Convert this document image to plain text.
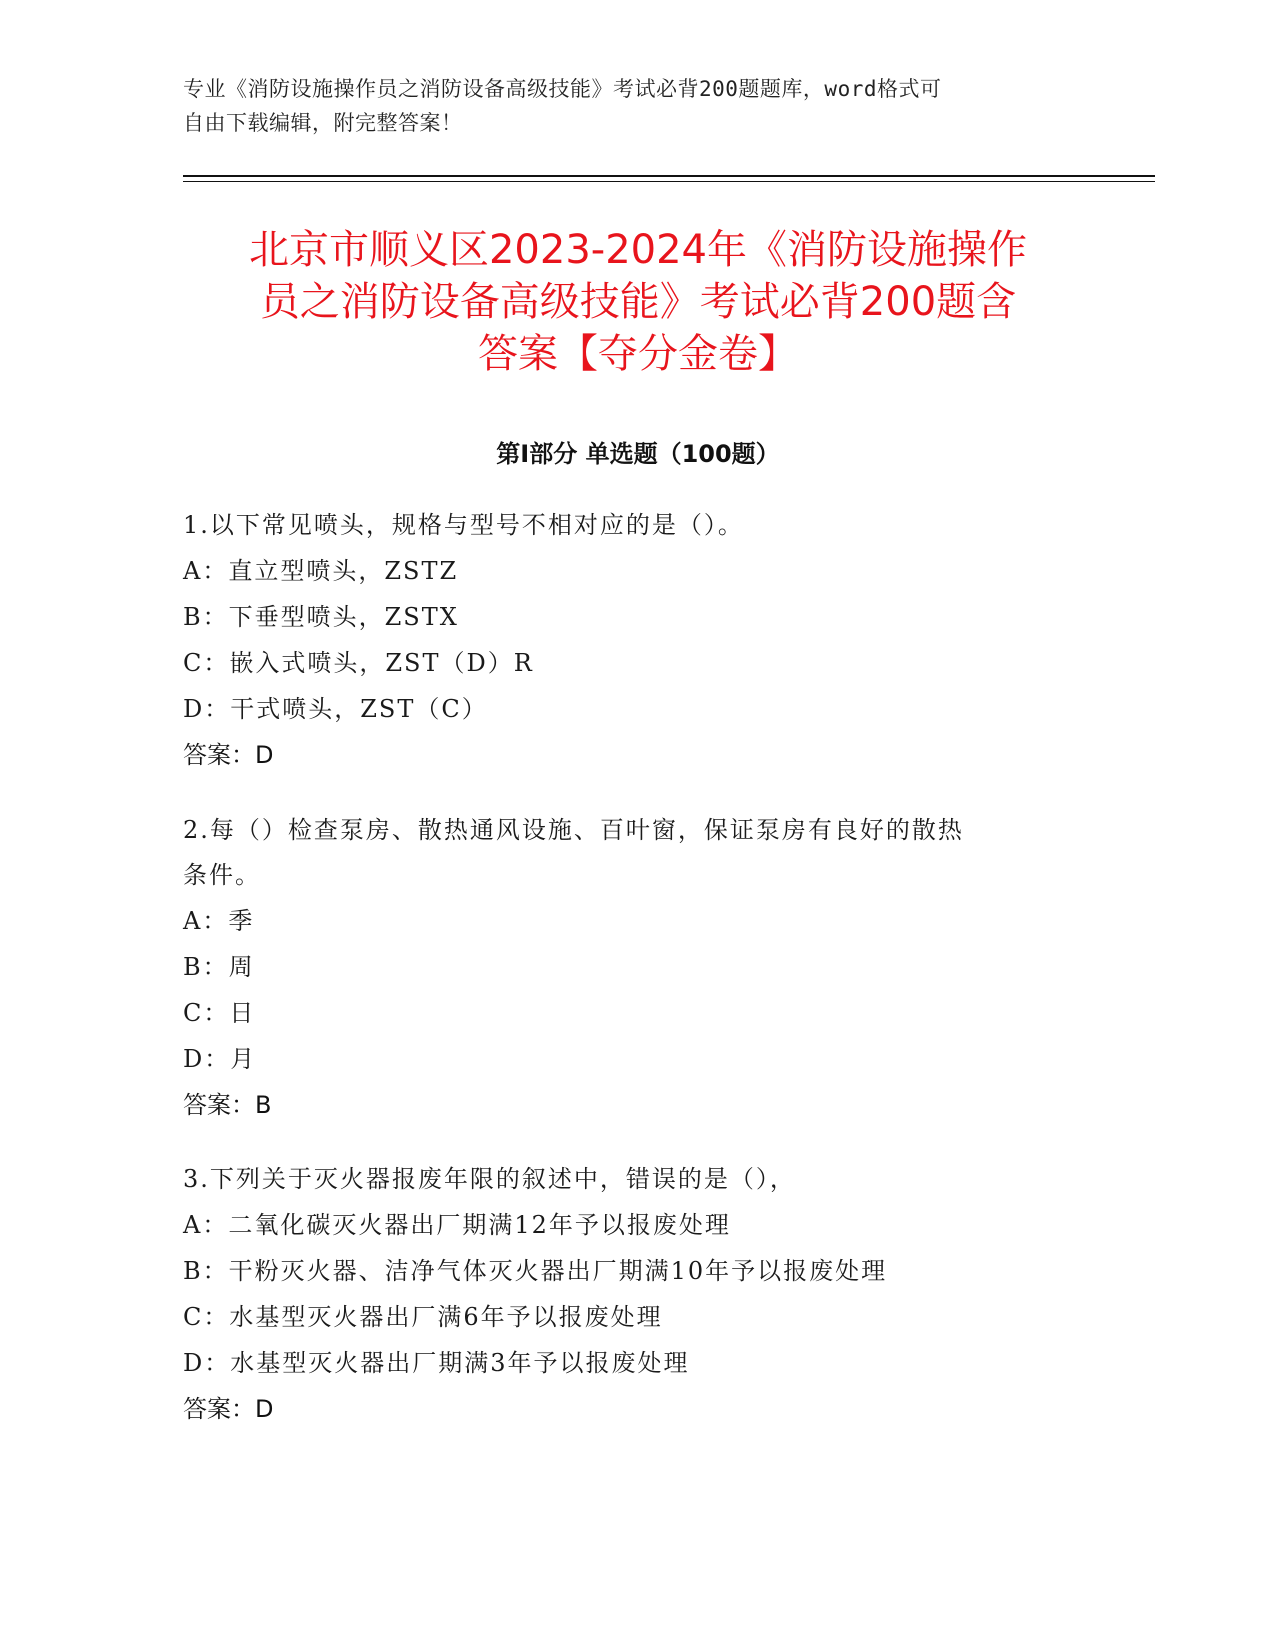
专业《消防设施操作员之消防设备高级技能》考试必背200题题库，word格式可
自由下载编辑，附完整答案！
北京市顺义区2023-2024年《消防设施操作
员之消防设备高级技能》考试必背200题含
答案【夺分金卷】
第I部分 单选题（100题）
1.以下常见喷头，规格与型号不相对应的是（）。
A：直立型喷头，ZSTZ
B：下垂型喷头，ZSTX
C：嵌入式喷头，ZST（D）R
D：干式喷头，ZST（C）
答案：D
2.每（）检查泵房、散热通风设施、百叶窗，保证泵房有良好的散热
条件。
A：季
B：周
C：日
D：月
答案：B
3.下列关于灭火器报废年限的叙述中，错误的是（），
A：二氧化碳灭火器出厂期满12年予以报废处理
B：干粉灭火器、洁净气体灭火器出厂期满10年予以报废处理
C：水基型灭火器出厂满6年予以报废处理
D：水基型灭火器出厂期满3年予以报废处理
答案：D
